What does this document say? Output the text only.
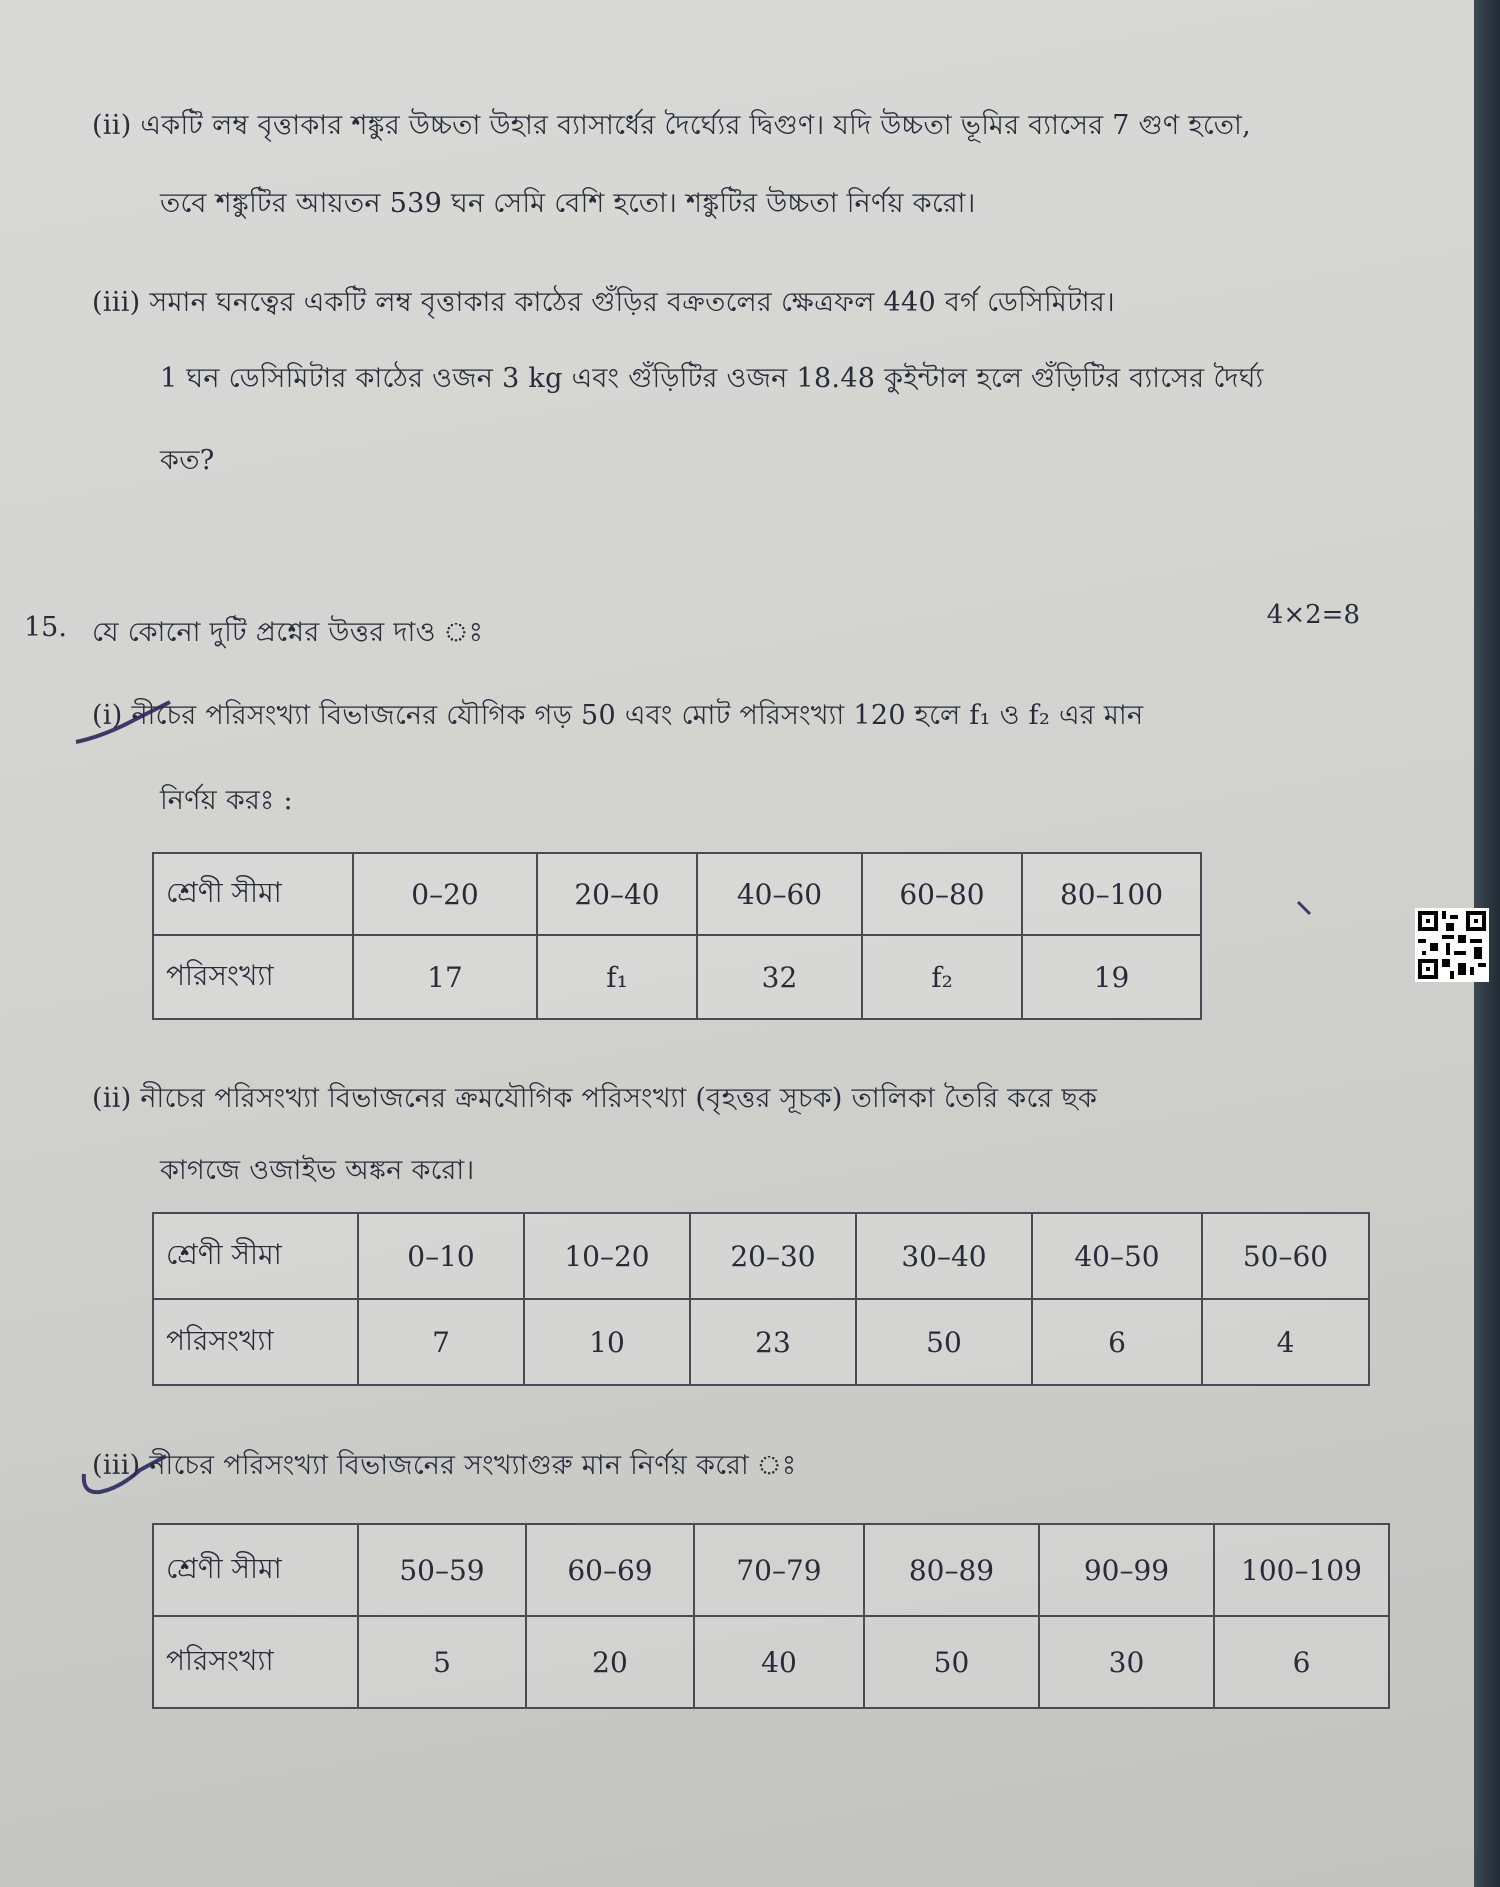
(ii) একটি লম্ব বৃত্তাকার শঙ্কুর উচ্চতা উহার ব্যাসার্ধের দৈর্ঘ্যের দ্বিগুণ। যদি উচ্চতা ভূমির ব্যাসের 7 গুণ হতো,
তবে শঙ্কুটির আয়তন 539 ঘন সেমি বেশি হতো। শঙ্কুটির উচ্চতা নির্ণয় করো।
(iii) সমান ঘনত্বের একটি লম্ব বৃত্তাকার কাঠের গুঁড়ির বক্রতলের ক্ষেত্রফল 440 বর্গ ডেসিমিটার।
1 ঘন ডেসিমিটার কাঠের ওজন 3 kg এবং গুঁড়িটির ওজন 18.48 কুইন্টাল হলে গুঁড়িটির ব্যাসের দৈর্ঘ্য
কত?
15. যে কোনো দুটি প্রশ্নের উত্তর দাও ঃ
4×2=8
(i) নীচের পরিসংখ্যা বিভাজনের যৌগিক গড় 50 এবং মোট পরিসংখ্যা 120 হলে f₁ ও f₂ এর মান
নির্ণয় করঃ :
শ্রেণী সীমা	0–20	20–40	40–60	60–80	80–100
পরিসংখ্যা	17	f₁	32	f₂	19
(ii) নীচের পরিসংখ্যা বিভাজনের ক্রমযৌগিক পরিসংখ্যা (বৃহত্তর সূচক) তালিকা তৈরি করে ছক
কাগজে ওজাইভ অঙ্কন করো।
শ্রেণী সীমা	0–10	10–20	20–30	30–40	40–50	50–60
পরিসংখ্যা	7	10	23	50	6	4
(iii) নীচের পরিসংখ্যা বিভাজনের সংখ্যাগুরু মান নির্ণয় করো ঃ
শ্রেণী সীমা	50–59	60–69	70–79	80–89	90–99	100–109
পরিসংখ্যা	5	20	40	50	30	6
